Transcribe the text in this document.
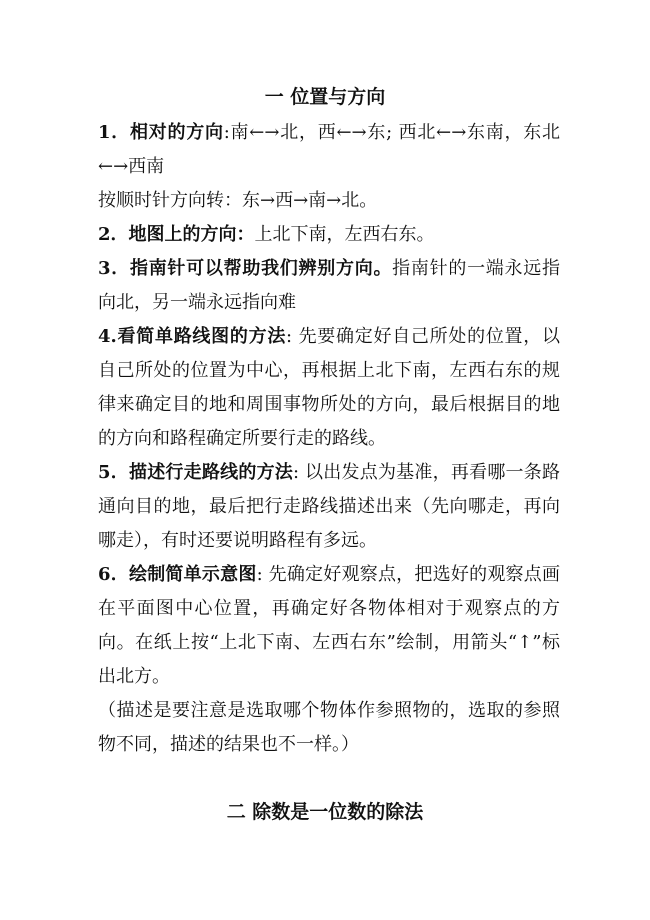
一 位置与方向

1．相对的方向:南←→北，西←→东; 西北←→东南，东北←→西南

按顺时针方向转：东→西→南→北。

2．地图上的方向：上北下南，左西右东。

3．指南针可以帮助我们辨别方向。指南针的一端永远指向北，另一端永远指向难

4.看简单路线图的方法: 先要确定好自己所处的位置，以自己所处的位置为中心，再根据上北下南，左西右东的规律来确定目的地和周围事物所处的方向，最后根据目的地的方向和路程确定所要行走的路线。

5．描述行走路线的方法: 以出发点为基准，再看哪一条路通向目的地，最后把行走路线描述出来（先向哪走，再向哪走），有时还要说明路程有多远。

6．绘制简单示意图: 先确定好观察点，把选好的观察点画在平面图中心位置，再确定好各物体相对于观察点的方向。在纸上按“上北下南、左西右东”绘制，用箭头“↑”标出北方。

（描述是要注意是选取哪个物体作参照物的，选取的参照物不同，描述的结果也不一样。）

二 除数是一位数的除法
